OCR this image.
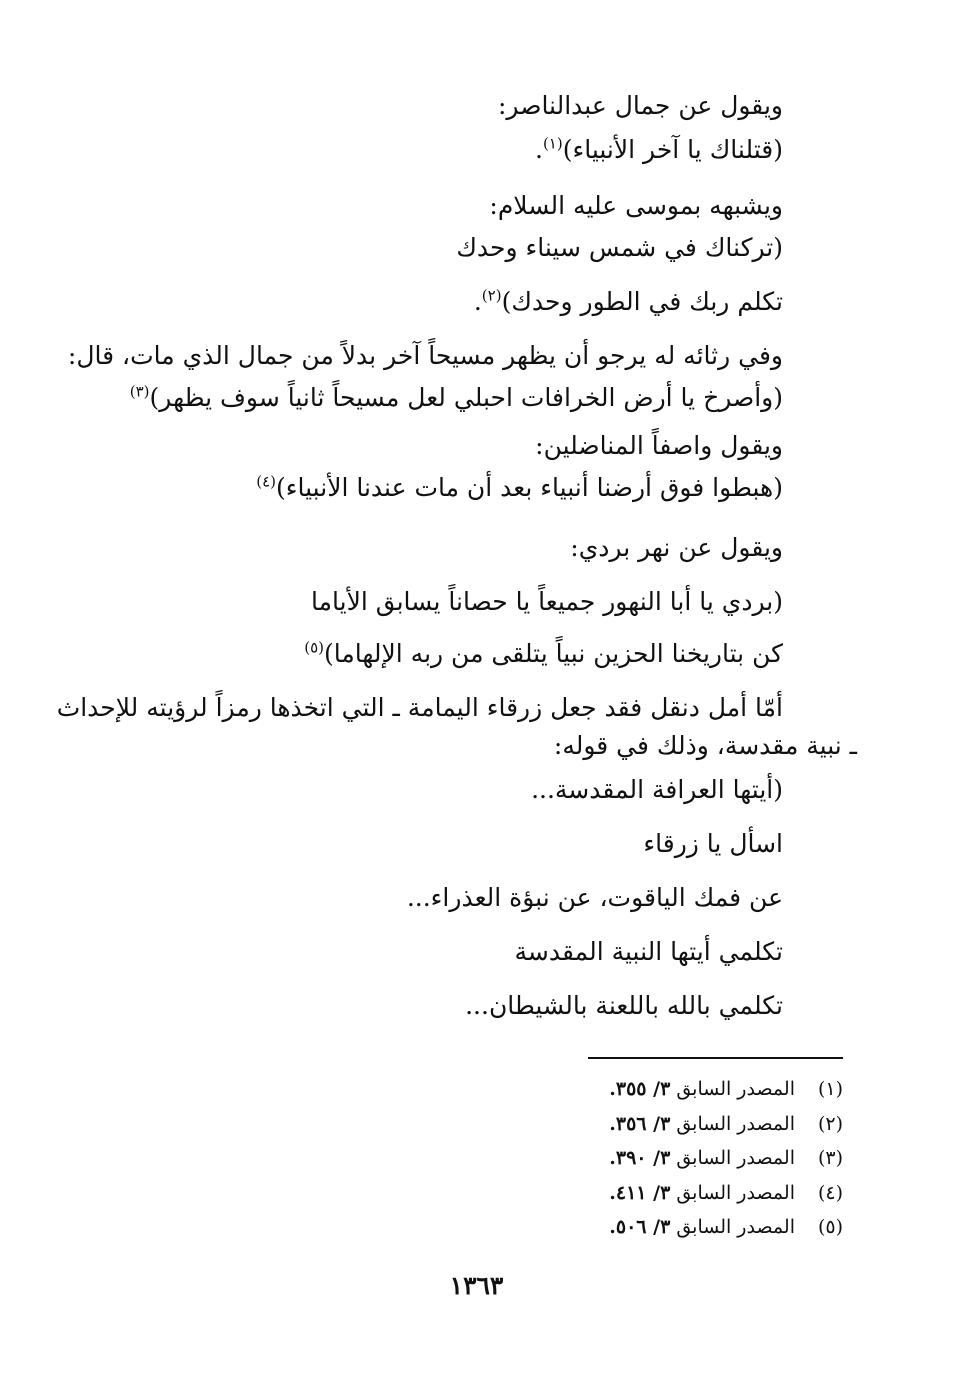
ويقول عن جمال عبدالناصر:
(قتلناك يا آخر الأنبياء)$^{(١)}$.
ويشبهه بموسى عليه السلام:
(تركناك في شمس سيناء وحدك
تكلم ربك في الطور وحدك)$^{(٢)}$.
وفي رثائه له يرجو أن يظهر مسيحاً آخر بدلاً من جمال الذي مات، قال:
(وأصرخ يا أرض الخرافات احبلي لعل مسيحاً ثانياً سوف يظهر)$^{(٣)}$
ويقول واصفاً المناضلين:
(هبطوا فوق أرضنا أنبياء بعد أن مات عندنا الأنبياء)$^{(٤)}$
ويقول عن نهر بردي:
(بردي يا أبا النهور جميعاً يا حصاناً يسابق الأياما
كن بتاريخنا الحزين نبياً يتلقى من ربه الإلهاما)$^{(٥)}$
أمّا أمل دنقل فقد جعل زرقاء اليمامة ـ التي اتخذها رمزاً لرؤيته للإحداث
ـ نبية مقدسة، وذلك في قوله:
(أيتها العرافة المقدسة...
اسأل يا زرقاء
عن فمك الياقوت، عن نبؤة العذراء...
تكلمي أيتها النبية المقدسة
تكلمي بالله باللعنة بالشيطان...
(١)المصدر السابق ٣/ ٣٥٥.
(٢)المصدر السابق ٣/ ٣٥٦.
(٣)المصدر السابق ٣/ ٣٩٠.
(٤)المصدر السابق ٣/ ٤١١.
(٥)المصدر السابق ٣/ ٥٠٦.
١٣٦٣
